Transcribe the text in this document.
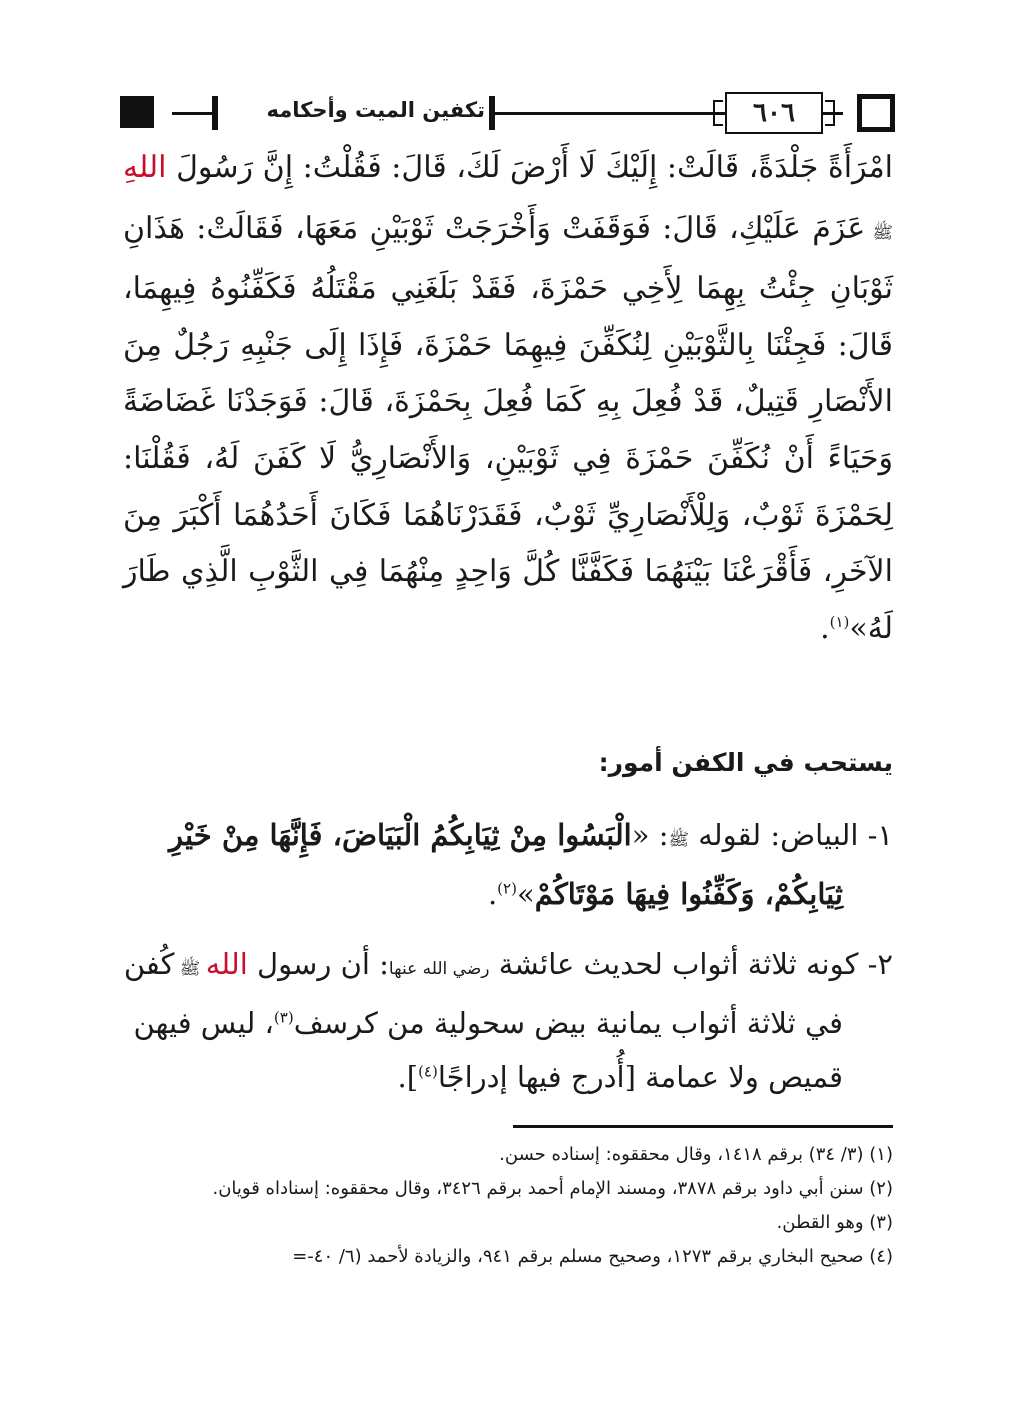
٦٠٦
تكفين الميت وأحكامه
امْرَأَةً جَلْدَةً، قَالَتْ: إِلَيْكَ لَا أَرْضَ لَكَ، قَالَ: فَقُلْتُ: إِنَّ رَسُولَ اللهِ ﷺ عَزَمَ عَلَيْكِ، قَالَ: فَوَقَفَتْ وَأَخْرَجَتْ ثَوْبَيْنِ مَعَهَا، فَقَالَتْ: هَذَانِ ثَوْبَانِ جِئْتُ بِهِمَا لِأَخِي حَمْزَةَ، فَقَدْ بَلَغَنِي مَقْتَلُهُ فَكَفِّنُوهُ فِيهِمَا، قَالَ: فَجِئْنَا بِالثَّوْبَيْنِ لِنُكَفِّنَ فِيهِمَا حَمْزَةَ، فَإِذَا إِلَى جَنْبِهِ رَجُلٌ مِنَ الأَنْصَارِ قَتِيلٌ، قَدْ فُعِلَ بِهِ كَمَا فُعِلَ بِحَمْزَةَ، قَالَ: فَوَجَدْنَا غَضَاضَةً وَحَيَاءً أَنْ نُكَفِّنَ حَمْزَةَ فِي ثَوْبَيْنِ، وَالأَنْصَارِيُّ لَا كَفَنَ لَهُ، فَقُلْنَا: لِحَمْزَةَ ثَوْبٌ، وَلِلْأَنْصَارِيِّ ثَوْبٌ، فَقَدَرْنَاهُمَا فَكَانَ أَحَدُهُمَا أَكْبَرَ مِنَ الآخَرِ، فَأَقْرَعْنَا بَيْنَهُمَا فَكَفَّنَّا كُلَّ وَاحِدٍ مِنْهُمَا فِي الثَّوْبِ الَّذِي طَارَ لَهُ»$^{(١)}$.
يستحب في الكفن أمور:

١- البياض: لقوله ﷺ: «الْبَسُوا مِنْ ثِيَابِكُمُ الْبَيَاضَ، فَإِنَّهَا مِنْ خَيْرِ ثِيَابِكُمْ، وَكَفِّنُوا فِيهَا مَوْتَاكُمْ»$^{(٢)}$.

٢- كونه ثلاثة أثواب لحديث عائشة رضي الله عنها: أن رسول الله ﷺ كُفن في ثلاثة أثواب يمانية بيض سحولية من كرسف$^{(٣)}$، ليس فيهن قميص ولا عمامة [أُدرج فيها إدراجًا$^{(٤)}$].

(١) (٣/ ٣٤) برقم ١٤١٨، وقال محققوه: إسناده حسن.

(٢) سنن أبي داود برقم ٣٨٧٨، ومسند الإمام أحمد برقم ٣٤٢٦، وقال محققوه: إسناداه قويان.

(٣) وهو القطن.

(٤) صحيح البخاري برقم ١٢٧٣، وصحيح مسلم برقم ٩٤١، والزيادة لأحمد (٦/ ٤٠-=
